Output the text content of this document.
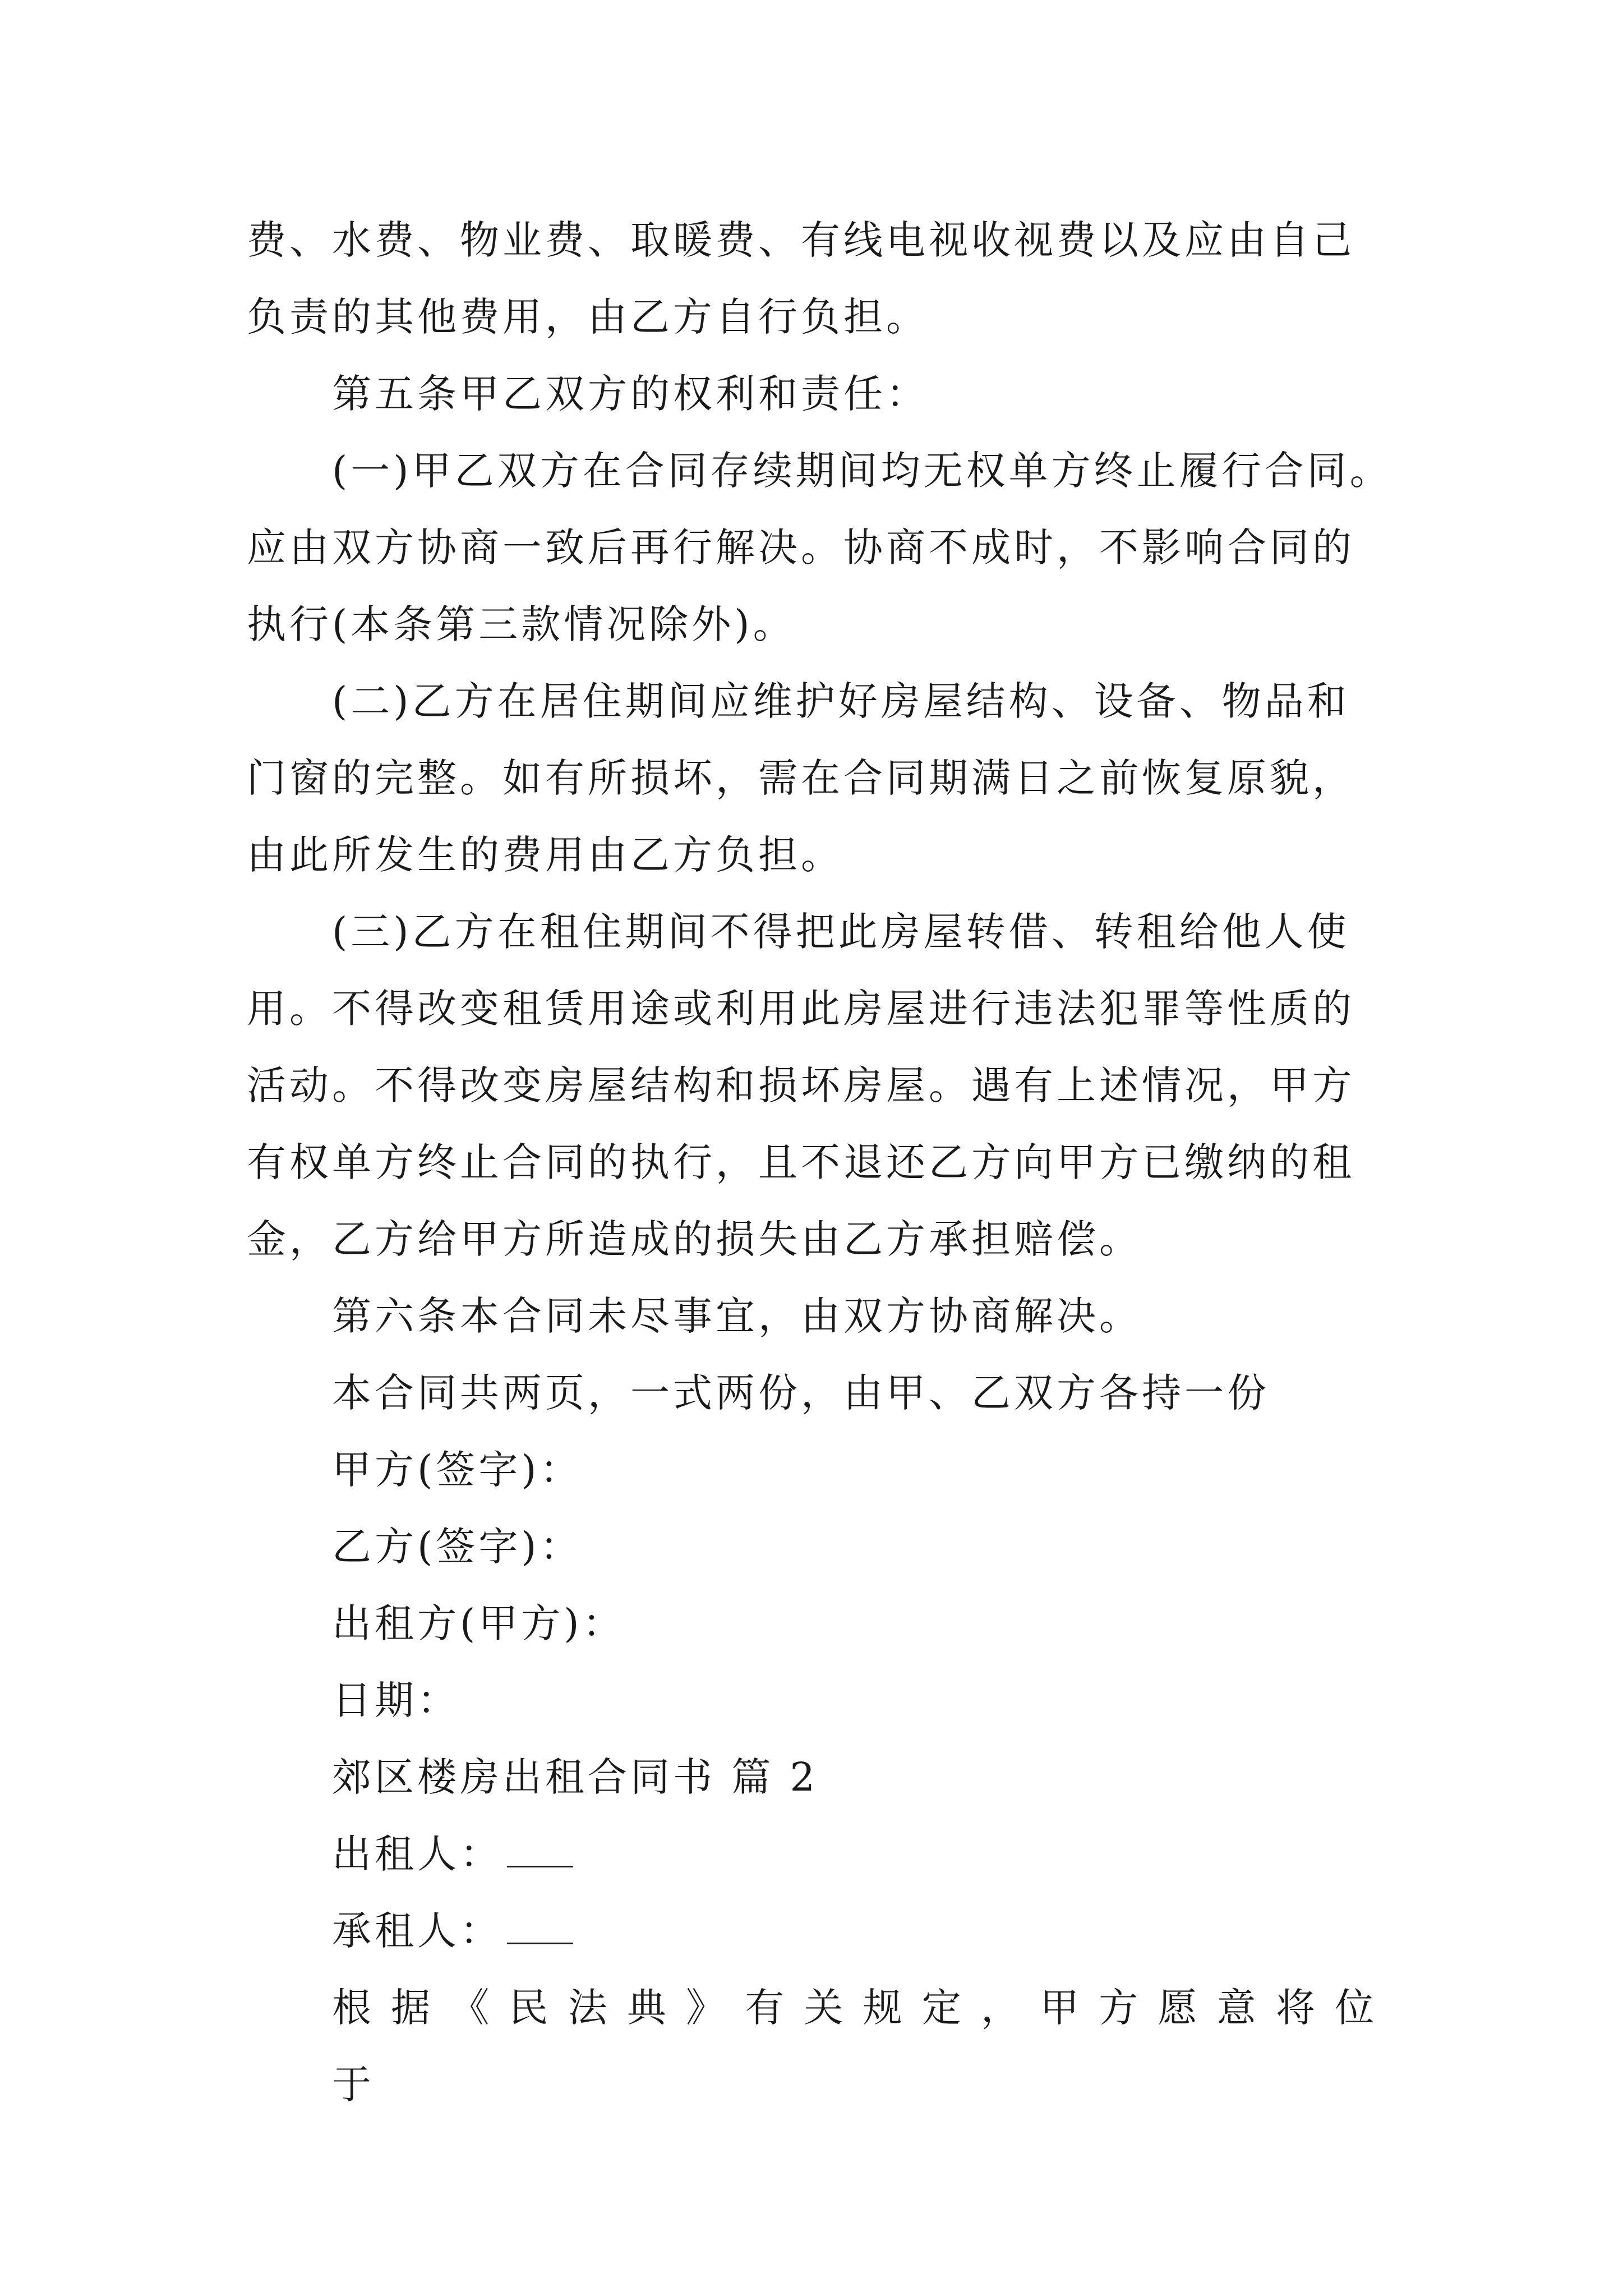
费、水费、物业费、取暖费、有线电视收视费以及应由自己
负责的其他费用，由乙方自行负担。
第五条甲乙双方的权利和责任：
(一)甲乙双方在合同存续期间均无权单方终止履行合同。
应由双方协商一致后再行解决。协商不成时，不影响合同的
执行(本条第三款情况除外)。
(二)乙方在居住期间应维护好房屋结构、设备、物品和
门窗的完整。如有所损坏，需在合同期满日之前恢复原貌，
由此所发生的费用由乙方负担。
(三)乙方在租住期间不得把此房屋转借、转租给他人使
用。不得改变租赁用途或利用此房屋进行违法犯罪等性质的
活动。不得改变房屋结构和损坏房屋。遇有上述情况，甲方
有权单方终止合同的执行，且不退还乙方向甲方已缴纳的租
金，乙方给甲方所造成的损失由乙方承担赔偿。
第六条本合同未尽事宜，由双方协商解决。
本合同共两页，一式两份，由甲、乙双方各持一份
甲方(签字)：
乙方(签字)：
出租方(甲方)：
日期：
郊区楼房出租合同书 篇 2
出租人：
承租人：
根据《民法典》有关规定，甲方愿意将位于
